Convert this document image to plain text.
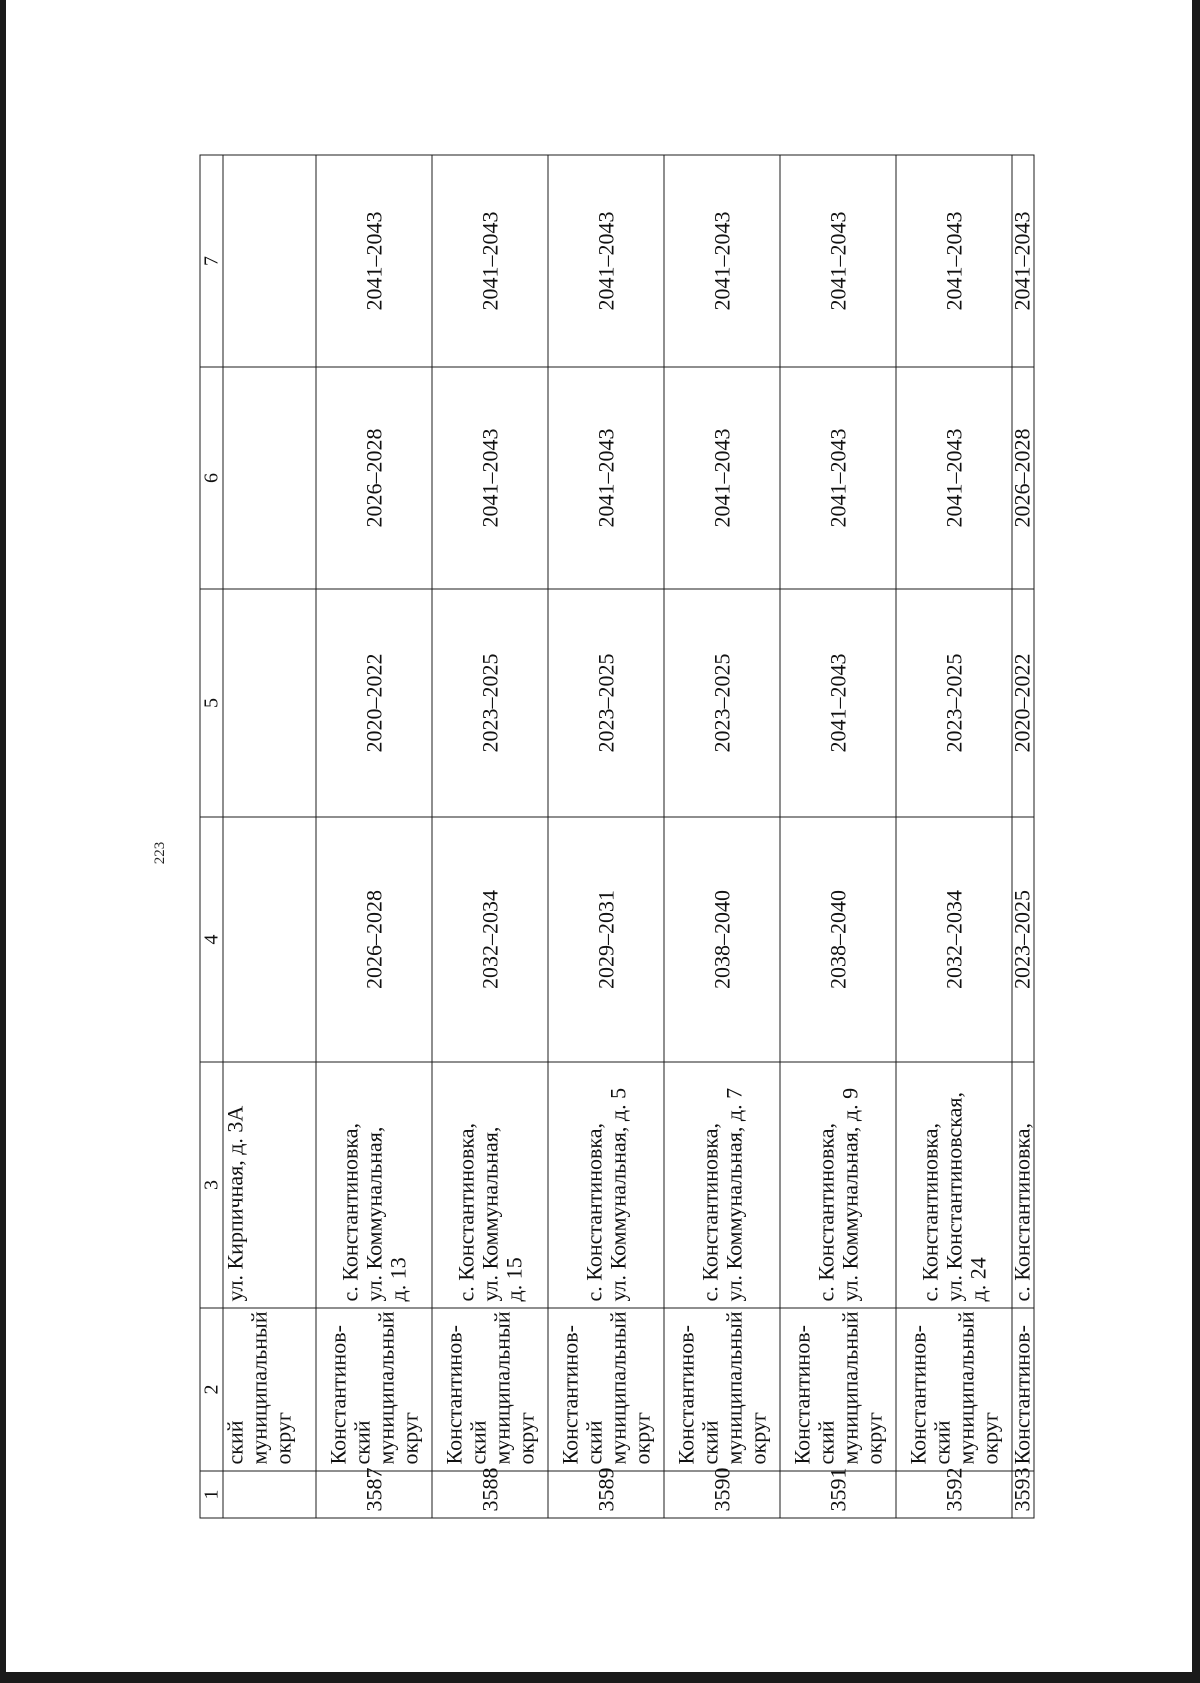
223
1	2	3	4	5	6	7
	ский
муниципальный
округ	ул. Кирпичная, д. 3А				
3587	Константинов-
ский
муниципальный
округ	с. Константиновка,
ул. Коммунальная,
д. 13	2026–2028	2020–2022	2026–2028	2041–2043
3588	Константинов-
ский
муниципальный
округ	с. Константиновка,
ул. Коммунальная,
д. 15	2032–2034	2023–2025	2041–2043	2041–2043
3589	Константинов-
ский
муниципальный
округ	с. Константиновка,
ул. Коммунальная, д. 5	2029–2031	2023–2025	2041–2043	2041–2043
3590	Константинов-
ский
муниципальный
округ	с. Константиновка,
ул. Коммунальная, д. 7	2038–2040	2023–2025	2041–2043	2041–2043
3591	Константинов-
ский
муниципальный
округ	с. Константиновка,
ул. Коммунальная, д. 9	2038–2040	2041–2043	2041–2043	2041–2043
3592	Константинов-
ский
муниципальный
округ	с. Константиновка,
ул. Константиновская,
д. 24	2032–2034	2023–2025	2041–2043	2041–2043
3593	Константинов-	с. Константиновка,	2023–2025	2020–2022	2026–2028	2041–2043
